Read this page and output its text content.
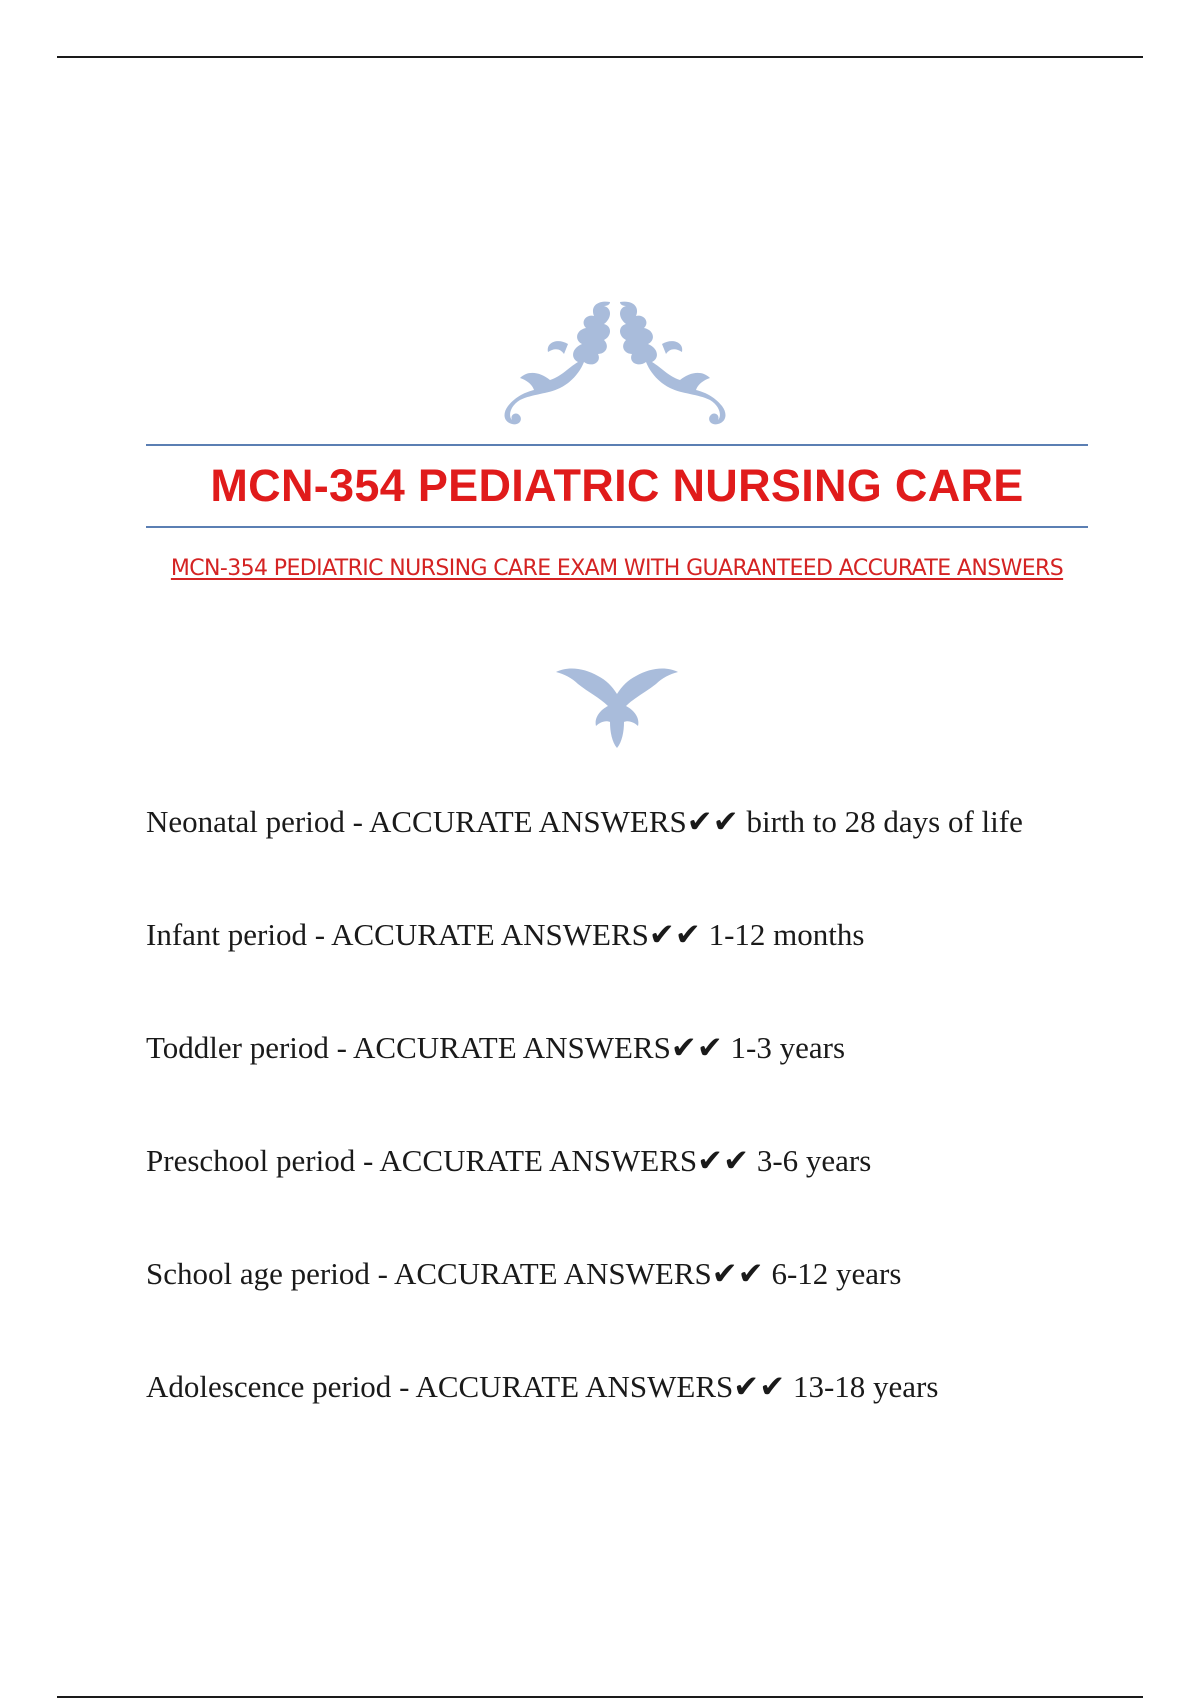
MCN-354 PEDIATRIC NURSING CARE
MCN-354 PEDIATRIC NURSING CARE EXAM WITH GUARANTEED ACCURATE ANSWERS
Neonatal period - ACCURATE ANSWERS✔✔ birth to 28 days of life
Infant period - ACCURATE ANSWERS✔✔ 1-12 months
Toddler period - ACCURATE ANSWERS✔✔ 1-3 years
Preschool period - ACCURATE ANSWERS✔✔ 3-6 years
School age period - ACCURATE ANSWERS✔✔ 6-12 years
Adolescence period - ACCURATE ANSWERS✔✔ 13-18 years
